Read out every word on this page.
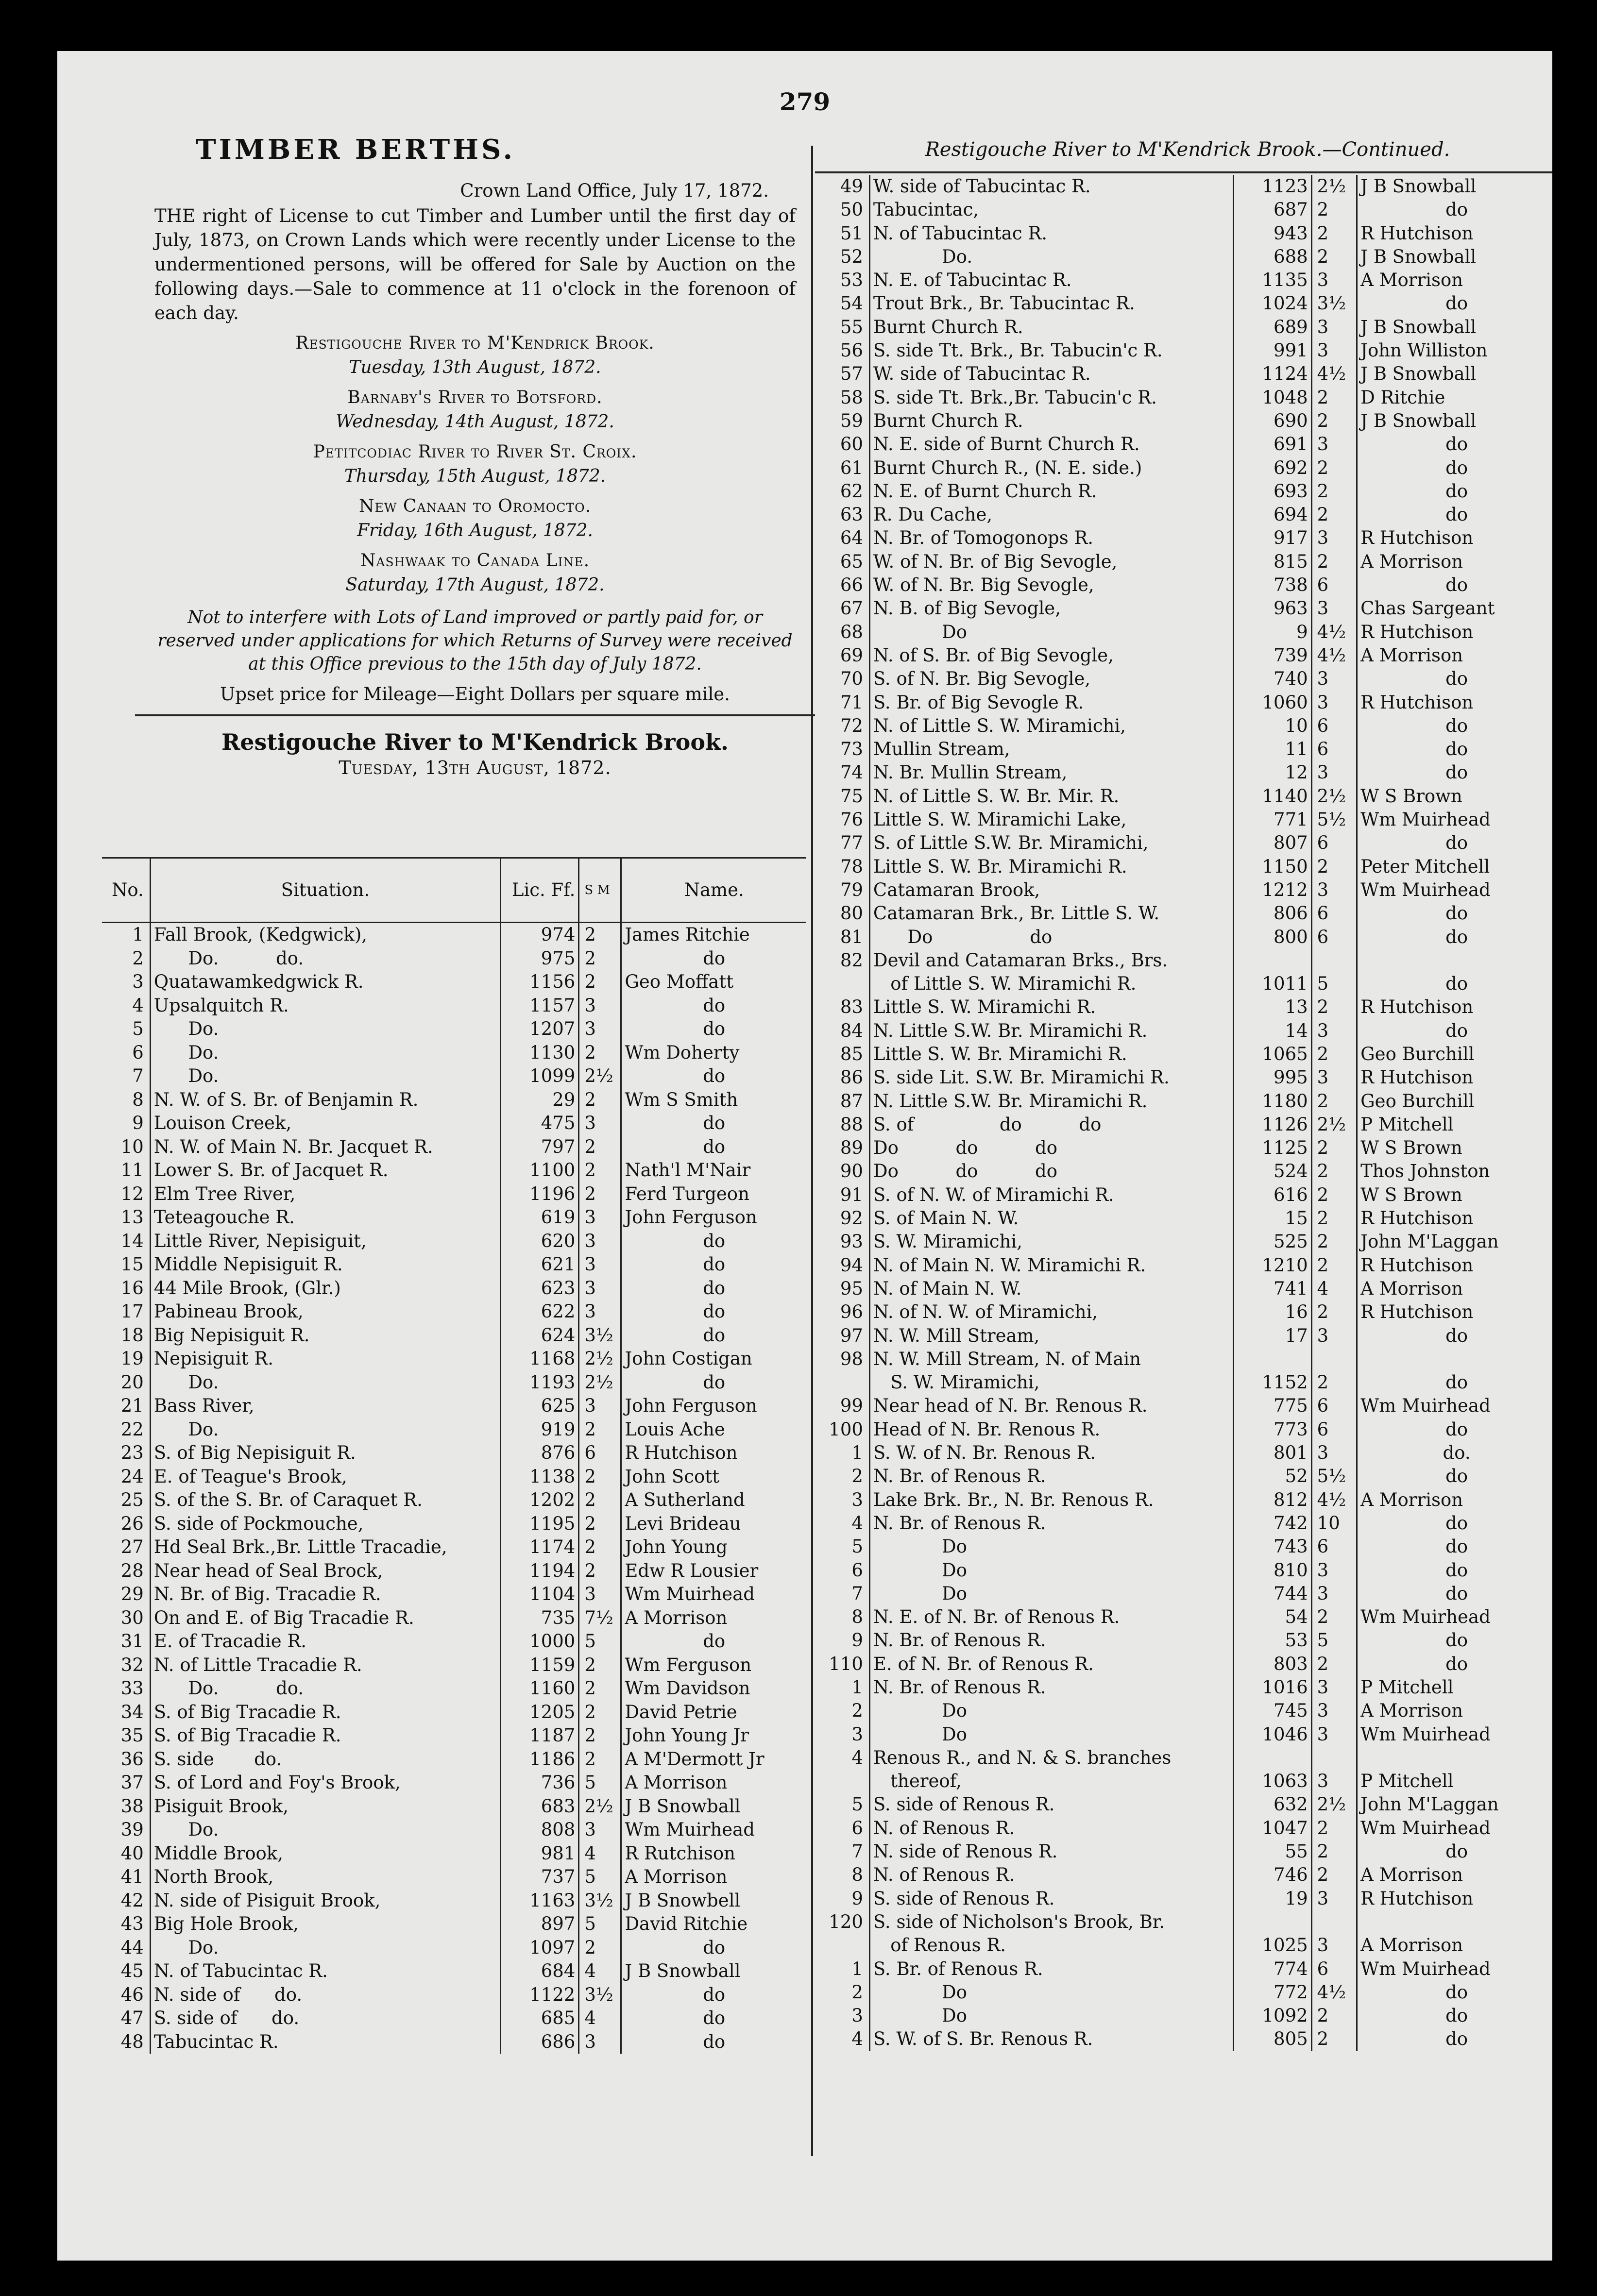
279
TIMBER BERTHS.
Crown Land Office, July 17, 1872.
THE right of License to cut Timber and Lumber until the first day of July, 1873, on Crown Lands which were recently under License to the undermentioned persons, will be offered for Sale by Auction on the following days.—Sale to commence at 11 o'clock in the forenoon of each day.
Restigouche River to M'Kendrick Brook.
Tuesday, 13th August, 1872.
Barnaby's River to Botsford.
Wednesday, 14th August, 1872.
Petitcodiac River to River St. Croix.
Thursday, 15th August, 1872.
New Canaan to Oromocto.
Friday, 16th August, 1872.
Nashwaak to Canada Line.
Saturday, 17th August, 1872.
Not to interfere with Lots of Land improved or partly paid for, or reserved under applications for which Returns of Survey were received at this Office previous to the 15th day of July 1872.
Upset price for Mileage—Eight Dollars per square mile.
Restigouche River to M'Kendrick Brook.
Tuesday, 13th August, 1872.
No.	Situation.	Lic. Ff.	S M	Name.
1	Fall Brook, (Kedgwick),	974	2	James Ritchie
2	Do.          do.	975	2	do
3	Quatawamkedgwick R.	1156	2	Geo Moffatt
4	Upsalquitch R.	1157	3	do
5	Do.	1207	3	do
6	Do.	1130	2	Wm Doherty
7	Do.	1099	2½	do
8	N. W. of S. Br. of Benjamin R.	29	2	Wm S Smith
9	Louison Creek,	475	3	do
10	N. W. of Main N. Br. Jacquet R.	797	2	do
11	Lower S. Br. of Jacquet R.	1100	2	Nath'l M'Nair
12	Elm Tree River,	1196	2	Ferd Turgeon
13	Teteagouche R.	619	3	John Ferguson
14	Little River, Nepisiguit,	620	3	do
15	Middle Nepisiguit R.	621	3	do
16	44 Mile Brook, (Glr.)	623	3	do
17	Pabineau Brook,	622	3	do
18	Big Nepisiguit R.	624	3½	do
19	Nepisiguit R.	1168	2½	John Costigan
20	Do.	1193	2½	do
21	Bass River,	625	3	John Ferguson
22	Do.	919	2	Louis Ache
23	S. of Big Nepisiguit R.	876	6	R Hutchison
24	E. of Teague's Brook,	1138	2	John Scott
25	S. of the S. Br. of Caraquet R.	1202	2	A Sutherland
26	S. side of Pockmouche,	1195	2	Levi Brideau
27	Hd Seal Brk.,Br. Little Tracadie,	1174	2	John Young
28	Near head of Seal Brock,	1194	2	Edw R Lousier
29	N. Br. of Big. Tracadie R.	1104	3	Wm Muirhead
30	On and E. of Big Tracadie R.	735	7½	A Morrison
31	E. of Tracadie R.	1000	5	do
32	N. of Little Tracadie R.	1159	2	Wm Ferguson
33	Do.          do.	1160	2	Wm Davidson
34	S. of Big Tracadie R.	1205	2	David Petrie
35	S. of Big Tracadie R.	1187	2	John Young Jr
36	S. side       do.	1186	2	A M'Dermott Jr
37	S. of Lord and Foy's Brook,	736	5	A Morrison
38	Pisiguit Brook,	683	2½	J B Snowball
39	Do.	808	3	Wm Muirhead
40	Middle Brook,	981	4	R Rutchison
41	North Brook,	737	5	A Morrison
42	N. side of Pisiguit Brook,	1163	3½	J B Snowbell
43	Big Hole Brook,	897	5	David Ritchie
44	Do.	1097	2	do
45	N. of Tabucintac R.	684	4	J B Snowball
46	N. side of      do.	1122	3½	do
47	S. side of      do.	685	4	do
48	Tabucintac R.	686	3	do
Restigouche River to M'Kendrick Brook.—Continued.
49	W. side of Tabucintac R.	1123	2½	J B Snowball
50	Tabucintac,	687	2	do
51	N. of Tabucintac R.	943	2	R Hutchison
52	Do.	688	2	J B Snowball
53	N. E. of Tabucintac R.	1135	3	A Morrison
54	Trout Brk., Br. Tabucintac R.	1024	3½	do
55	Burnt Church R.	689	3	J B Snowball
56	S. side Tt. Brk., Br. Tabucin'c R.	991	3	John Williston
57	W. side of Tabucintac R.	1124	4½	J B Snowball
58	S. side Tt. Brk.,Br. Tabucin'c R.	1048	2	D Ritchie
59	Burnt Church R.	690	2	J B Snowball
60	N. E. side of Burnt Church R.	691	3	do
61	Burnt Church R., (N. E. side.)	692	2	do
62	N. E. of Burnt Church R.	693	2	do
63	R. Du Cache,	694	2	do
64	N. Br. of Tomogonops R.	917	3	R Hutchison
65	W. of N. Br. of Big Sevogle,	815	2	A Morrison
66	W. of N. Br. Big Sevogle,	738	6	do
67	N. B. of Big Sevogle,	963	3	Chas Sargeant
68	Do	9	4½	R Hutchison
69	N. of S. Br. of Big Sevogle,	739	4½	A Morrison
70	S. of N. Br. Big Sevogle,	740	3	do
71	S. Br. of Big Sevogle R.	1060	3	R Hutchison
72	N. of Little S. W. Miramichi,	10	6	do
73	Mullin Stream,	11	6	do
74	N. Br. Mullin Stream,	12	3	do
75	N. of Little S. W. Br. Mir. R.	1140	2½	W S Brown
76	Little S. W. Miramichi Lake,	771	5½	Wm Muirhead
77	S. of Little S.W. Br. Miramichi,	807	6	do
78	Little S. W. Br. Miramichi R.	1150	2	Peter Mitchell
79	Catamaran Brook,	1212	3	Wm Muirhead
80	Catamaran Brk., Br. Little S. W.	806	6	do
81	Do                 do	800	6	do
82	Devil and Catamaran Brks., Brs.			
	of Little S. W. Miramichi R.	1011	5	do
83	Little S. W. Miramichi R.	13	2	R Hutchison
84	N. Little S.W. Br. Miramichi R.	14	3	do
85	Little S. W. Br. Miramichi R.	1065	2	Geo Burchill
86	S. side Lit. S.W. Br. Miramichi R.	995	3	R Hutchison
87	N. Little S.W. Br. Miramichi R.	1180	2	Geo Burchill
88	S. of               do          do	1126	2½	P Mitchell
89	Do          do          do	1125	2	W S Brown
90	Do          do          do	524	2	Thos Johnston
91	S. of N. W. of Miramichi R.	616	2	W S Brown
92	S. of Main N. W.	15	2	R Hutchison
93	S. W. Miramichi,	525	2	John M'Laggan
94	N. of Main N. W. Miramichi R.	1210	2	R Hutchison
95	N. of Main N. W.	741	4	A Morrison
96	N. of N. W. of Miramichi,	16	2	R Hutchison
97	N. W. Mill Stream,	17	3	do
98	N. W. Mill Stream, N. of Main			
	S. W. Miramichi,	1152	2	do
99	Near head of N. Br. Renous R.	775	6	Wm Muirhead
100	Head of N. Br. Renous R.	773	6	do
1	S. W. of N. Br. Renous R.	801	3	do.
2	N. Br. of Renous R.	52	5½	do
3	Lake Brk. Br., N. Br. Renous R.	812	4½	A Morrison
4	N. Br. of Renous R.	742	10	do
5	Do	743	6	do
6	Do	810	3	do
7	Do	744	3	do
8	N. E. of N. Br. of Renous R.	54	2	Wm Muirhead
9	N. Br. of Renous R.	53	5	do
110	E. of N. Br. of Renous R.	803	2	do
1	N. Br. of Renous R.	1016	3	P Mitchell
2	Do	745	3	A Morrison
3	Do	1046	3	Wm Muirhead
4	Renous R., and N. & S. branches			
	thereof,	1063	3	P Mitchell
5	S. side of Renous R.	632	2½	John M'Laggan
6	N. of Renous R.	1047	2	Wm Muirhead
7	N. side of Renous R.	55	2	do
8	N. of Renous R.	746	2	A Morrison
9	S. side of Renous R.	19	3	R Hutchison
120	S. side of Nicholson's Brook, Br.			
	of Renous R.	1025	3	A Morrison
1	S. Br. of Renous R.	774	6	Wm Muirhead
2	Do	772	4½	do
3	Do	1092	2	do
4	S. W. of S. Br. Renous R.	805	2	do
